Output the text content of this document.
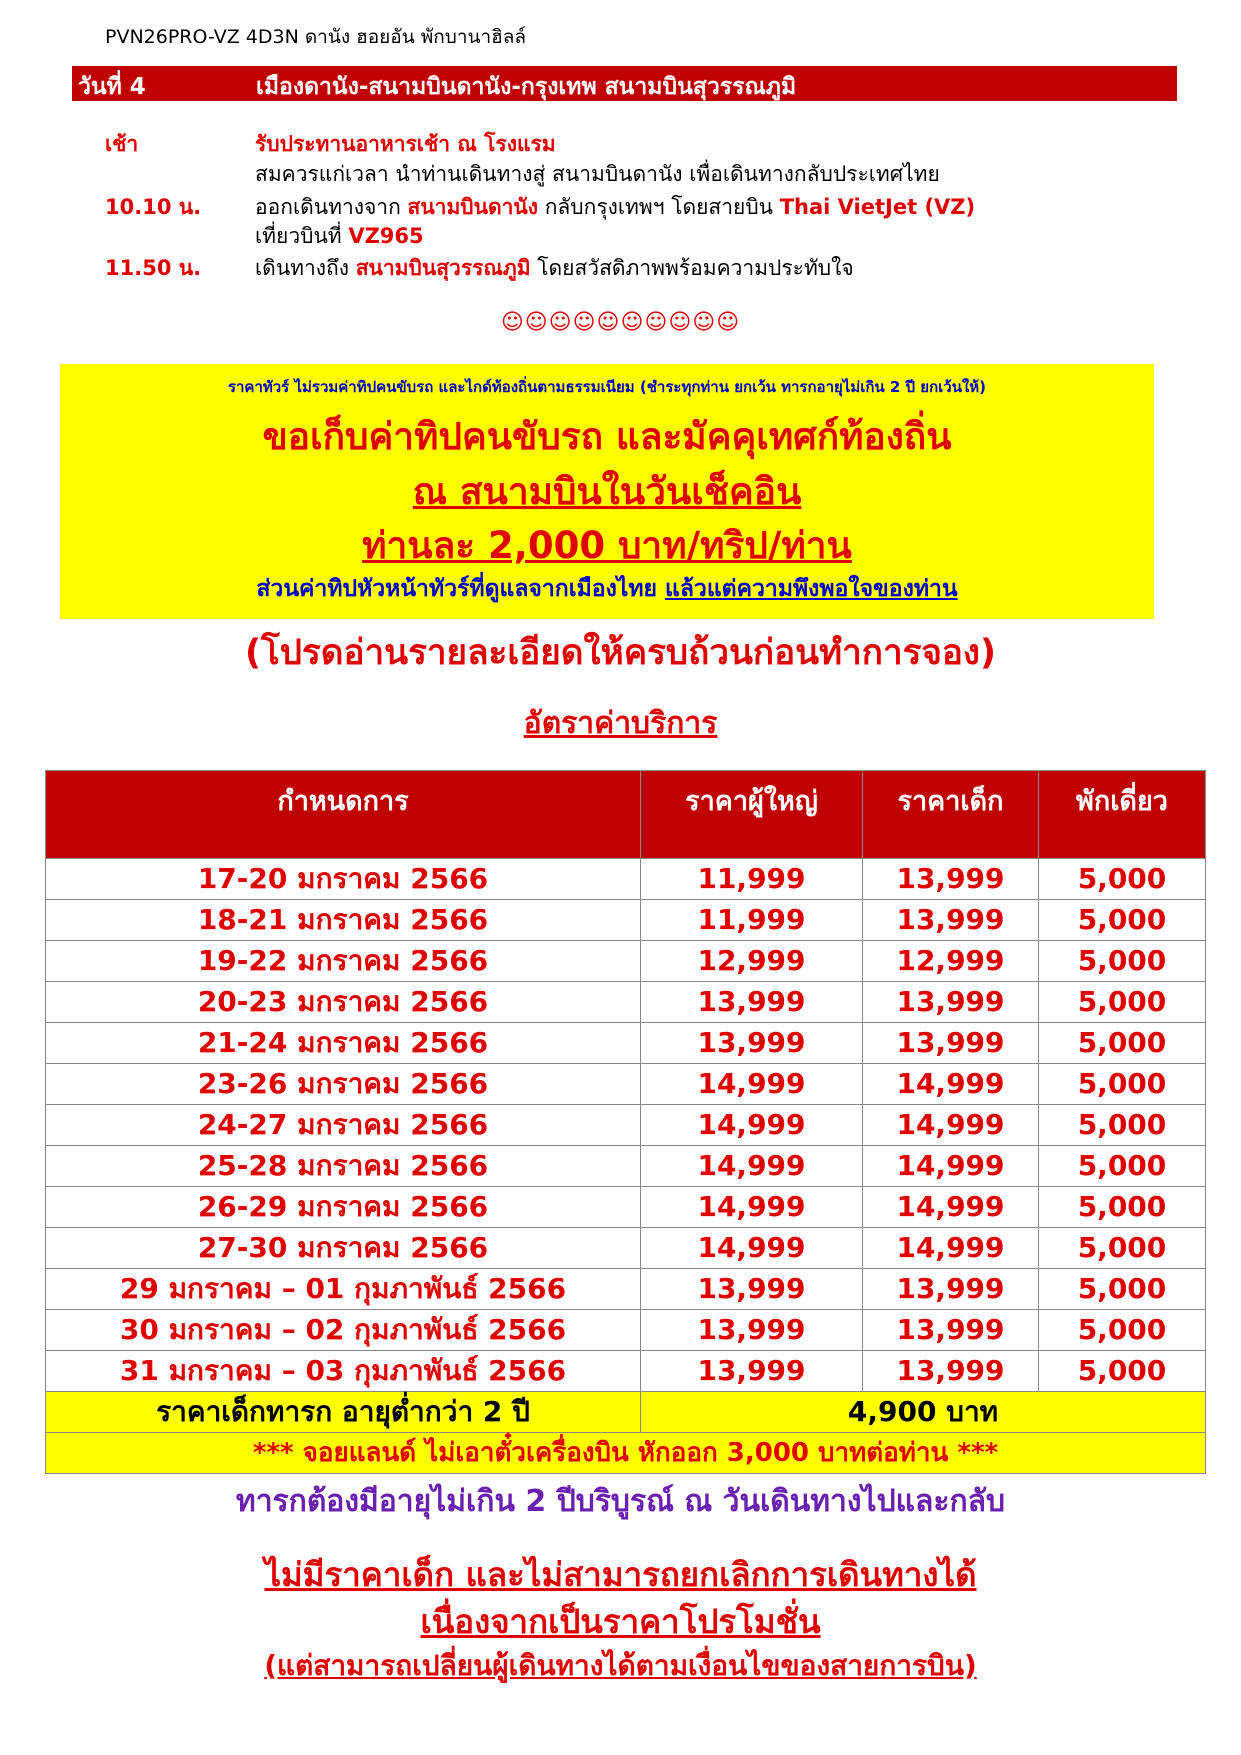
PVN26PRO-VZ 4D3N ดานัง ฮอยอัน พักบานาฮิลล์
วันที่ 4	เมืองดานัง-สนามบินดานัง-กรุงเทพ สนามบินสุวรรณภูมิ
เช้า	รับประทานอาหารเช้า ณ โรงแรม
สมควรแก่เวลา นำท่านเดินทางสู่ สนามบินดานัง เพื่อเดินทางกลับประเทศไทย
10.10 น.	ออกเดินทางจาก สนามบินดานัง กลับกรุงเทพฯ โดยสายบิน Thai VietJet (VZ)
เที่ยวบินที่ VZ965
11.50 น.	เดินทางถึง สนามบินสุวรรณภูมิ โดยสวัสดิภาพพร้อมความประทับใจ
☺☺☺☺☺☺☺☺☺☺
ราคาทัวร์ ไม่รวมค่าทิปคนขับรถ และไกด์ท้องถิ่นตามธรรมเนียม (ชำระทุกท่าน ยกเว้น ทารกอายุไม่เกิน 2 ปี ยกเว้นให้)
ขอเก็บค่าทิปคนขับรถ และมัคคุเทศก์ท้องถิ่น
ณ สนามบินในวันเช็คอิน
ท่านละ 2,000 บาท/ทริป/ท่าน
ส่วนค่าทิปหัวหน้าทัวร์ที่ดูแลจากเมืองไทย แล้วแต่ความพึงพอใจของท่าน
(โปรดอ่านรายละเอียดให้ครบถ้วนก่อนทำการจอง)
อัตราค่าบริการ
กำหนดการ	ราคาผู้ใหญ่	ราคาเด็ก	พักเดี่ยว
17-20 มกราคม 2566	11,999	13,999	5,000
18-21 มกราคม 2566	11,999	13,999	5,000
19-22 มกราคม 2566	12,999	12,999	5,000
20-23 มกราคม 2566	13,999	13,999	5,000
21-24 มกราคม 2566	13,999	13,999	5,000
23-26 มกราคม 2566	14,999	14,999	5,000
24-27 มกราคม 2566	14,999	14,999	5,000
25-28 มกราคม 2566	14,999	14,999	5,000
26-29 มกราคม 2566	14,999	14,999	5,000
27-30 มกราคม 2566	14,999	14,999	5,000
29 มกราคม – 01 กุมภาพันธ์ 2566	13,999	13,999	5,000
30 มกราคม – 02 กุมภาพันธ์ 2566	13,999	13,999	5,000
31 มกราคม – 03 กุมภาพันธ์ 2566	13,999	13,999	5,000
ราคาเด็กทารก อายุต่ำกว่า 2 ปี	4,900 บาท		
*** จอยแลนด์ ไม่เอาตั๋วเครื่องบิน หักออก 3,000 บาทต่อท่าน ***			
ทารกต้องมีอายุไม่เกิน 2 ปีบริบูรณ์ ณ วันเดินทางไปและกลับ
ไม่มีราคาเด็ก และไม่สามารถยกเลิกการเดินทางได้
เนื่องจากเป็นราคาโปรโมชั่น
(แต่สามารถเปลี่ยนผู้เดินทางได้ตามเงื่อนไขของสายการบิน)
